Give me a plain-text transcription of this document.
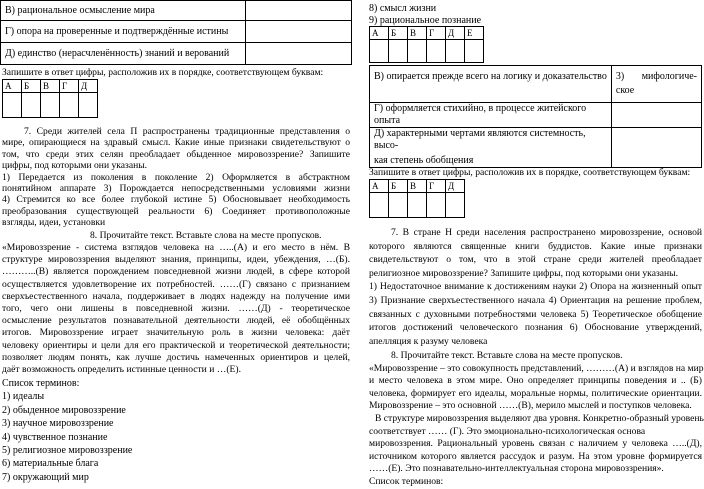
В) рациональное осмысление мира	
Г) опора на проверенные и подтверждённые истины	
Д) единство (нерасчленённость) знаний и верований	
Запишите в ответ цифры, расположив их в порядке, соответствующем буквам:
А	Б	В	Г	Д

7. Среди жителей села П распространены традиционные представления о

мире, опирающиеся на здравый смысл. Какие иные признаки свидетельствуют о

том, что среди этих селян преобладает обыденное мировоззрение? Запишите

цифры, под которыми они указаны.

1) Передается из поколения в поколение 2) Оформляется в абстрактном

понятийном аппарате 3) Порождается непосредственными условиями жизни

4) Стремится ко все более глубокой истине 5) Обосновывает необходимость

преобразования существующей реальности 6) Соединяет противоположные

взгляды, идеи, установки

8. Прочитайте текст. Вставьте слова на месте пропусков.

«Мировоззрение - система взглядов человека на …..(А) и его место в нём. В

структуре мировоззрения выделяют знания, принципы, идеи, убеждения, …(Б).

………..(В) является порождением повседневной жизни людей, в сфере которой

осуществляется удовлетворение их потребностей. ……(Г) связано с признанием

сверхъестественного начала, поддерживает в людях надежду на получение ими

того, чего они лишены в повседневной жизни. ……(Д) - теоретическое

осмысление результатов познавательной деятельности людей, её обобщённых

итогов. Мировоззрение играет значительную роль в жизни человека: даёт

человеку ориентиры и цели для его практической и теоретической деятельности;

позволяет людям понять, как лучше достичь намеченных ориентиров и целей,

даёт возможность определить истинные ценности и …(Е).

Список терминов:

1) идеалы

2) обыденное мировоззрение

3) научное мировоззрение

4) чувственное познание

5) религиозное мировоззрение

6) материальные блага

7) окружающий мир

8) смысл жизни

9) рациональное познание

А	Б	В	Г	Д	Е

В) опирается прежде всего на логику и доказательство	3)       мифологиче-
ское

Г) оформляется стихийно, в процессе житейского опыта	

Д) характерными чертами являются системность, высо-
кая степень обобщения	

Запишите в ответ цифры, расположив их в порядке, соответствующем буквам:
А	Б	В	Г	Д

7. В стране Н среди населения распространено мировоззрение, основой

которого являются священные книги буддистов. Какие иные признаки

свидетельствуют о том, что в этой стране среди жителей преобладает

религиозное мировоззрение? Запишите цифры, под которыми они указаны.

1) Недостаточное внимание к достижениям науки 2) Опора на жизненный опыт

3) Признание сверхъестественного начала 4) Ориентация на решение проблем,

связанных с духовными потребностями человека 5) Теоретическое обобщение

итогов достижений человеческого познания 6) Обоснование утверждений,

апелляция к разуму человека

8. Прочитайте текст. Вставьте слова на месте пропусков.

«Мировоззрение – это совокупность представлений, ………(А) и взглядов на мир

и место человека в этом мире. Оно определяет принципы поведения и .. (Б)

человека, формирует его идеалы, моральные нормы, политические ориентации.

Мировоззрение – это основной ……(В), мерило мыслей и поступков человека.

В структуре мировоззрения выделяют два уровня. Конкретно-образный уровень

соответствует …… (Г). Это эмоционально-психологическая основа

мировоззрения. Рациональный уровень связан с наличием у человека …..(Д),

источником которого является рассудок и разум. На этом уровне формируется

……(Е). Это познавательно-интеллектуальная сторона мировоззрения».

Список терминов:
